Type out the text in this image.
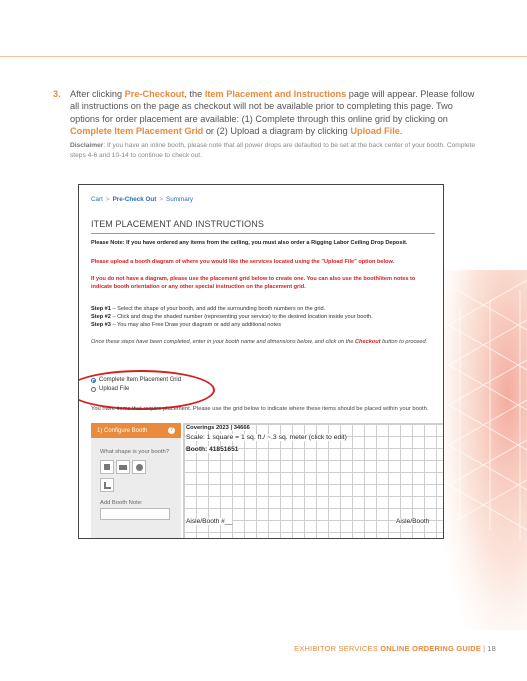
3. After clicking Pre-Checkout, the Item Placement and Instructions page will appear. Please follow all instructions on the page as checkout will not be available prior to completing this page. Two options for order placement are available: (1) Complete through this online grid by clicking on Complete Item Placement Grid or (2) Upload a diagram by clicking Upload File.
Disclaimer: If you have an inline booth, please note that all power drops are defaulted to be set at the back center of your booth. Complete steps 4-6 and 10-14 to continue to check out.
Cart > Pre-Check Out > Summary
ITEM PLACEMENT AND INSTRUCTIONS
Please Note: If you have ordered any items from the ceiling, you must also order a Rigging Labor Ceiling Drop Deposit.
Please upload a booth diagram of where you would like the services located using the "Upload File" option below.
If you do not have a diagram, please use the placement grid below to create one. You can also use the booth/item notes to indicate booth orientation or any other special instruction on the placement grid.
Step #1 – Select the shape of your booth, and add the surrounding booth numbers on the grid.
Step #2 – Click and drag the shaded number (representing your service) to the desired location inside your booth.
Step #3 – You may also Free Draw your diagram or add any additional notes
Once these steps have been completed, enter in your booth name and dimensions below, and click on the Checkout button to proceed.
Complete Item Placement Grid
Upload File
You have items that require placement. Please use the grid below to indicate where these items should be placed within your booth.
1) Configure Booth	?
What shape is your booth?
Add Booth Note:
Coverings 2023 | 34666
Scale: 1 square = 1 sq. ft./ ~.3 sq. meter (click to edit)
Booth: 41851651
Aisle/Booth #__	Aisle/Booth
EXHIBITOR SERVICES ONLINE ORDERING GUIDE | 18
